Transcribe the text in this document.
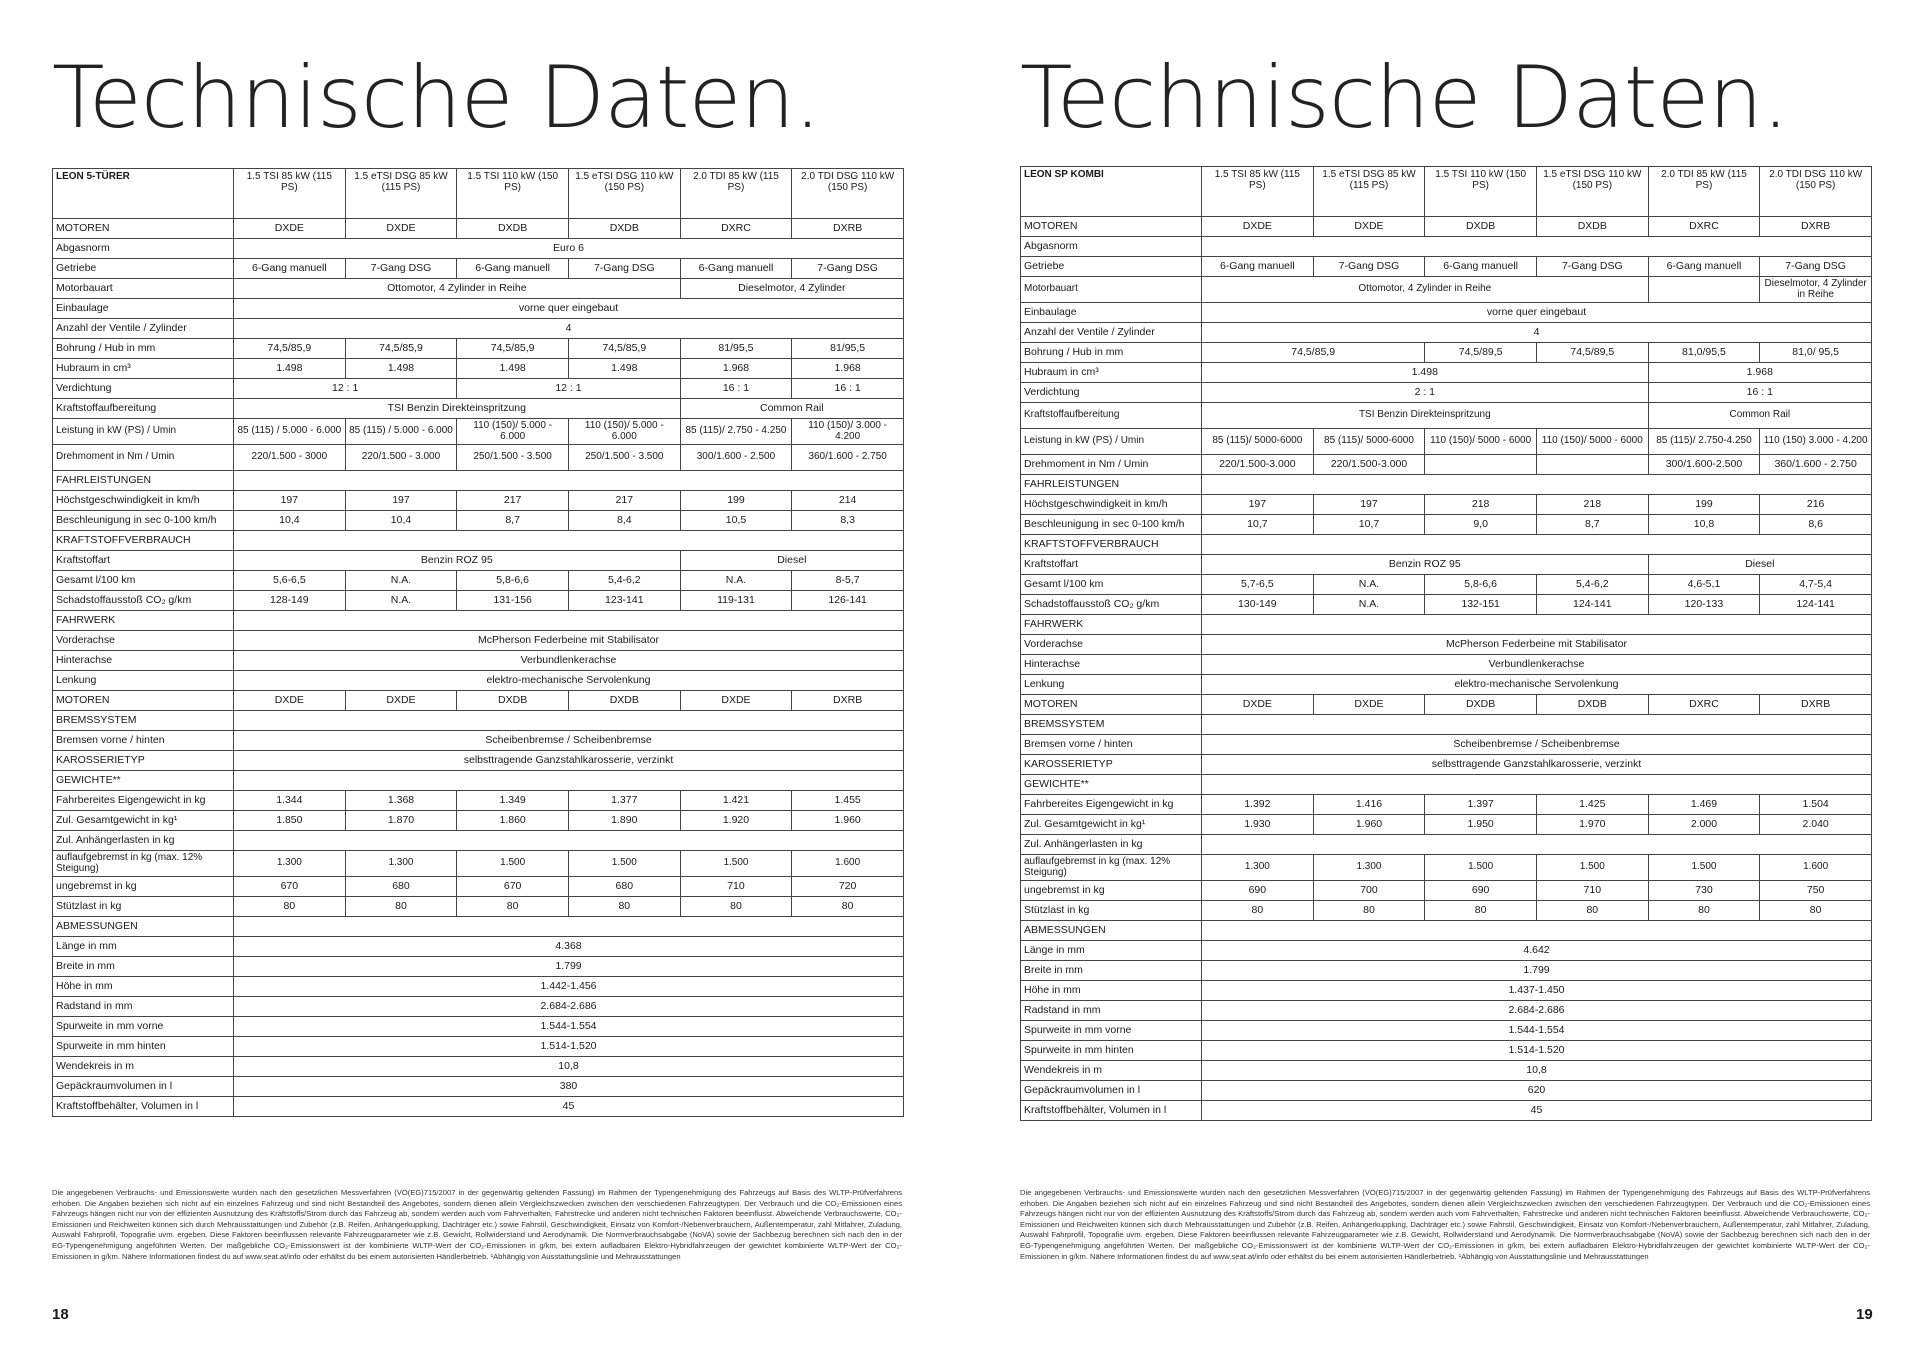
Technische Daten.
LEON 5-TÜRER	1.5 TSI 85 kW (115 PS)	1.5 eTSI DSG 85 kW (115 PS)	1.5 TSI 110 kW (150 PS)	1.5 eTSI DSG 110 kW (150 PS)	2.0 TDI 85 kW (115 PS)	2.0 TDI DSG 110 kW (150 PS)
MOTOREN	DXDE	DXDE	DXDB	DXDB	DXRC	DXRB
Abgasnorm	Euro 6					
Getriebe	6-Gang manuell	7-Gang DSG	6-Gang manuell	7-Gang DSG	6-Gang manuell	7-Gang DSG
Motorbauart	Ottomotor, 4 Zylinder in Reihe				Dieselmotor, 4 Zylinder	
Einbaulage	vorne quer eingebaut					
Anzahl der Ventile / Zylinder	4					
Bohrung / Hub in mm	74,5/85,9	74,5/85,9	74,5/85,9	74,5/85,9	81/95,5	81/95,5
Hubraum in cm³	1.498	1.498	1.498	1.498	1.968	1.968
Verdichtung	12 : 1		12 : 1		16 : 1	16 : 1
Kraftstoffaufbereitung	TSI Benzin Direkteinspritzung				Common Rail	
Leistung in kW (PS) / Umin	85 (115) / 5.000 - 6.000	85 (115) / 5.000 - 6.000	110 (150)/ 5.000 - 6.000	110 (150)/ 5.000 - 6.000	85 (115)/ 2.750 - 4.250	110 (150)/ 3.000 - 4.200
Drehmoment in Nm / Umin	220/1.500 - 3000	220/1.500 - 3.000	250/1.500 - 3.500	250/1.500 - 3.500	300/1.600 - 2.500	360/1.600 - 2.750
FAHRLEISTUNGEN						
Höchstgeschwindigkeit in km/h	197	197	217	217	199	214
Beschleunigung in sec 0-100 km/h	10,4	10,4	8,7	8,4	10,5	8,3
KRAFTSTOFFVERBRAUCH						
Kraftstoffart	Benzin ROZ 95				Diesel	
Gesamt l/100 km	5,6-6,5	N.A.	5,8-6,6	5,4-6,2	N.A.	8-5,7
Schadstoffausstoß CO₂ g/km	128-149	N.A.	131-156	123-141	119-131	126-141
FAHRWERK						
Vorderachse	McPherson Federbeine mit Stabilisator					
Hinterachse	Verbundlenkerachse					
Lenkung	elektro-mechanische Servolenkung					
MOTOREN	DXDE	DXDE	DXDB	DXDB	DXDE	DXRB
BREMSSYSTEM						
Bremsen vorne / hinten	Scheibenbremse / Scheibenbremse					
KAROSSERIETYP	selbsttragende Ganzstahlkarosserie, verzinkt					
GEWICHTE**						
Fahrbereites Eigengewicht in kg	1.344	1.368	1.349	1.377	1.421	1.455
Zul. Gesamtgewicht in kg¹	1.850	1.870	1.860	1.890	1.920	1.960
Zul. Anhängerlasten in kg						
auflaufgebremst in kg (max. 12% Steigung)	1.300	1.300	1.500	1.500	1.500	1.600
ungebremst in kg	670	680	670	680	710	720
Stützlast in kg	80	80	80	80	80	80
ABMESSUNGEN						
Länge in mm	4.368					
Breite in mm	1.799					
Höhe in mm	1.442-1.456					
Radstand in mm	2.684-2.686					
Spurweite in mm vorne	1.544-1.554					
Spurweite in mm hinten	1.514-1.520					
Wendekreis in m	10,8					
Gepäckraumvolumen in l	380					
Kraftstoffbehälter, Volumen in l	45					
Die angegebenen Verbrauchs- und Emissionswerte wurden nach den gesetzlichen Messverfahren (VO(EG)715/2007 in der gegenwärtig geltenden Fassung) im Rahmen der Typengenehmigung des Fahrzeugs auf Basis des WLTP-Prüfverfahrens erhoben. Die Angaben beziehen sich nicht auf ein einzelnes Fahrzeug und sind nicht Bestandteil des Angebotes, sondern dienen allein Vergleichszwecken zwischen den verschiedenen Fahrzeugtypen. Der Verbrauch und die CO₂-Emissionen eines Fahrzeugs hängen nicht nur von der effizienten Ausnutzung des Kraftstoffs/Strom durch das Fahrzeug ab, sondern werden auch vom Fahrverhalten, Fahrstrecke und anderen nicht technischen Faktoren beeinflusst. Abweichende Verbrauchswerte, CO₂-Emissionen und Reichweiten können sich durch Mehrausstattungen und Zubehör (z.B. Reifen, Anhängerkupplung, Dachträger etc.) sowie Fahrstil, Geschwindigkeit, Einsatz von Komfort-/Nebenverbrauchern, Außentemperatur, zahl Mitfahrer, Zuladung, Auswahl Fahrprofil, Topografie uvm. ergeben. Diese Faktoren beeinflussen relevante Fahrzeugparameter wie z.B. Gewicht, Rollwiderstand und Aerodynamik. Die Normverbrauchsabgabe (NoVA) sowie der Sachbezug berechnen sich nach den in der EG-Typengenehmigung angeführten Werten. Der maßgebliche CO₂-Emissionswert ist der kombinierte WLTP-Wert der CO₂-Emissionen in g/km, bei extern aufladbaren Elektro-Hybridfahrzeugen der gewichtet kombinierte WLTP-Wert der CO₂-Emissionen in g/km. Nähere Informationen findest du auf www.seat.at/info oder erhältst du bei einem autorisierten Händlerbetrieb. ¹Abhängig von Ausstattungslinie und Mehrausstattungen
18
Technische Daten.
LEON SP KOMBI	1.5 TSI 85 kW (115 PS)	1.5 eTSI DSG 85 kW (115 PS)	1.5 TSI 110 kW (150 PS)	1.5 eTSI DSG 110 kW (150 PS)	2.0 TDI 85 kW (115 PS)	2.0 TDI DSG 110 kW (150 PS)
MOTOREN	DXDE	DXDE	DXDB	DXDB	DXRC	DXRB
Abgasnorm						
Getriebe	6-Gang manuell	7-Gang DSG	6-Gang manuell	7-Gang DSG	6-Gang manuell	7-Gang DSG
Motorbauart	Ottomotor, 4 Zylinder in Reihe					Dieselmotor, 4 Zylinder in Reihe
Einbaulage	vorne quer eingebaut					
Anzahl der Ventile / Zylinder	4					
Bohrung / Hub in mm	74,5/85,9		74,5/89,5	74,5/89,5	81,0/95,5	81,0/ 95,5
Hubraum in cm³	1.498				1.968	
Verdichtung	2 : 1				16 : 1	
Kraftstoffaufbereitung	TSI Benzin Direkteinspritzung				Common Rail	
Leistung in kW (PS) / Umin	85 (115)/ 5000-6000	85 (115)/ 5000-6000	110 (150)/ 5000 - 6000	110 (150)/ 5000 - 6000	85 (115)/ 2.750-4.250	110 (150) 3.000 - 4.200
Drehmoment in Nm / Umin	220/1.500-3.000	220/1.500-3.000			300/1.600-2.500	360/1.600 - 2.750
FAHRLEISTUNGEN						
Höchstgeschwindigkeit in km/h	197	197	218	218	199	216
Beschleunigung in sec 0-100 km/h	10,7	10,7	9,0	8,7	10,8	8,6
KRAFTSTOFFVERBRAUCH						
Kraftstoffart	Benzin ROZ 95				Diesel	
Gesamt l/100 km	5,7-6,5	N.A.	5,8-6,6	5,4-6,2	4,6-5,1	4,7-5,4
Schadstoffausstoß CO₂ g/km	130-149	N.A.	132-151	124-141	120-133	124-141
FAHRWERK						
Vorderachse	McPherson Federbeine mit Stabilisator					
Hinterachse	Verbundlenkerachse					
Lenkung	elektro-mechanische Servolenkung					
MOTOREN	DXDE	DXDE	DXDB	DXDB	DXRC	DXRB
BREMSSYSTEM						
Bremsen vorne / hinten	Scheibenbremse / Scheibenbremse					
KAROSSERIETYP	selbsttragende Ganzstahlkarosserie, verzinkt					
GEWICHTE**						
Fahrbereites Eigengewicht in kg	1.392	1.416	1.397	1.425	1.469	1.504
Zul. Gesamtgewicht in kg¹	1.930	1.960	1.950	1.970	2.000	2.040
Zul. Anhängerlasten in kg						
auflaufgebremst in kg (max. 12% Steigung)	1.300	1.300	1.500	1.500	1.500	1.600
ungebremst in kg	690	700	690	710	730	750
Stützlast in kg	80	80	80	80	80	80
ABMESSUNGEN						
Länge in mm	4.642					
Breite in mm	1.799					
Höhe in mm	1.437-1.450					
Radstand in mm	2.684-2.686					
Spurweite in mm vorne	1.544-1.554					
Spurweite in mm hinten	1.514-1.520					
Wendekreis in m	10,8					
Gepäckraumvolumen in l	620					
Kraftstoffbehälter, Volumen in l	45					
Die angegebenen Verbrauchs- und Emissionswerte wurden nach den gesetzlichen Messverfahren (VO(EG)715/2007 in der gegenwärtig geltenden Fassung) im Rahmen der Typengenehmigung des Fahrzeugs auf Basis des WLTP-Prüfverfahrens erhoben. Die Angaben beziehen sich nicht auf ein einzelnes Fahrzeug und sind nicht Bestandteil des Angebotes, sondern dienen allein Vergleichszwecken zwischen den verschiedenen Fahrzeugtypen. Der Verbrauch und die CO₂-Emissionen eines Fahrzeugs hängen nicht nur von der effizienten Ausnutzung des Kraftstoffs/Strom durch das Fahrzeug ab, sondern werden auch vom Fahrverhalten, Fahrstrecke und anderen nicht technischen Faktoren beeinflusst. Abweichende Verbrauchswerte, CO₂-Emissionen und Reichweiten können sich durch Mehrausstattungen und Zubehör (z.B. Reifen, Anhängerkupplung, Dachträger etc.) sowie Fahrstil, Geschwindigkeit, Einsatz von Komfort-/Nebenverbrauchern, Außentemperatur, zahl Mitfahrer, Zuladung, Auswahl Fahrprofil, Topografie uvm. ergeben. Diese Faktoren beeinflussen relevante Fahrzeugparameter wie z.B. Gewicht, Rollwiderstand und Aerodynamik. Die Normverbrauchsabgabe (NoVA) sowie der Sachbezug berechnen sich nach den in der EG-Typengenehmigung angeführten Werten. Der maßgebliche CO₂-Emissionswert ist der kombinierte WLTP-Wert der CO₂-Emissionen in g/km, bei extern aufladbaren Elektro-Hybridfahrzeugen der gewichtet kombinierte WLTP-Wert der CO₂-Emissionen in g/km. Nähere Informationen findest du auf www.seat.at/info oder erhältst du bei einem autorisierten Händlerbetrieb. ¹Abhängig von Ausstattungslinie und Mehrausstattungen
19
